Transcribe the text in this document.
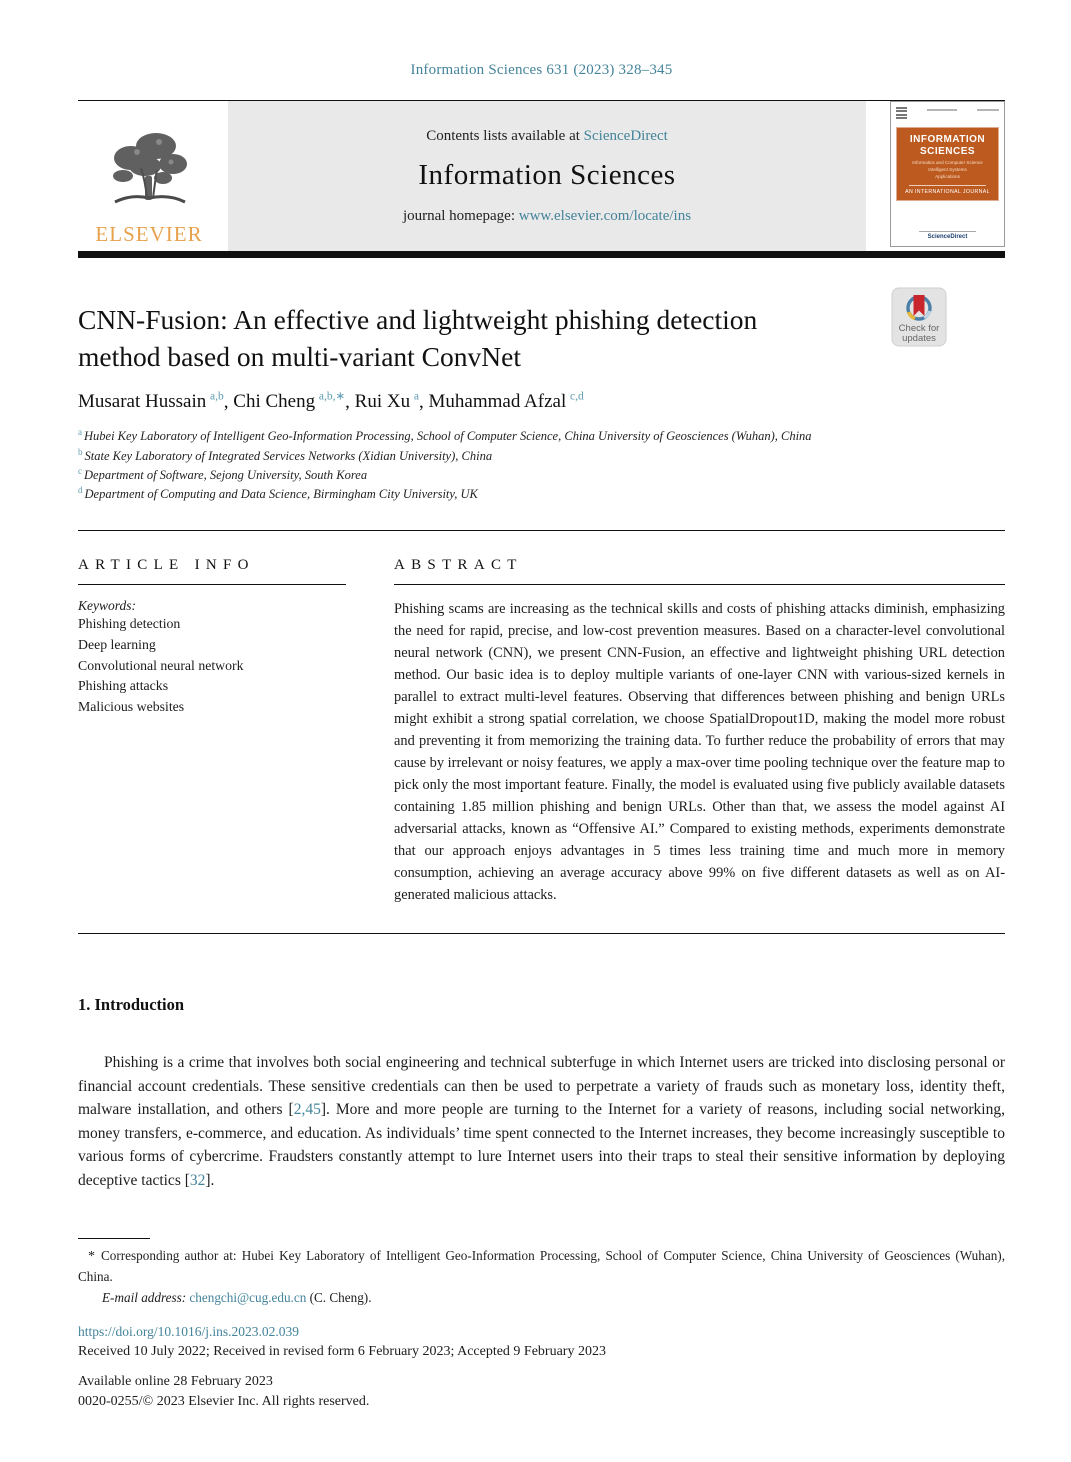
Information Sciences 631 (2023) 328–345
ELSEVIER
Contents lists available at ScienceDirect
Information Sciences
journal homepage: www.elsevier.com/locate/ins
INFORMATION
SCIENCES
Informatics and Computer Science
Intelligent Systems
Applications
AN INTERNATIONAL JOURNAL
ScienceDirect
Check for
updates
CNN-Fusion: An effective and lightweight phishing detection
method based on multi-variant ConvNet
Musarat Hussain  $^{a,b}$, Chi Cheng  $^{a,b,∗}$, Rui Xu  $^a$, Muhammad Afzal  $^{c,d}$
$^a$ Hubei Key Laboratory of Intelligent Geo-Information Processing, School of Computer Science, China University of Geosciences (Wuhan), China
$^b$ State Key Laboratory of Integrated Services Networks (Xidian University), China
$^c$ Department of Software, Sejong University, South Korea
$^d$ Department of Computing and Data Science, Birmingham City University, UK
ARTICLE INFO
Keywords:
Phishing detection
Deep learning
Convolutional neural network
Phishing attacks
Malicious websites
ABSTRACT
Phishing scams are increasing as the technical skills and costs of phishing attacks diminish, emphasizing the need for rapid, precise, and low-cost prevention measures. Based on a character-level convolutional neural network (CNN), we present CNN-Fusion, an effective and lightweight phishing URL detection method. Our basic idea is to deploy multiple variants of one-layer CNN with various-sized kernels in parallel to extract multi-level features. Observing that differences between phishing and benign URLs might exhibit a strong spatial correlation, we choose SpatialDropout1D, making the model more robust and preventing it from memorizing the training data. To further reduce the probability of errors that may cause by irrelevant or noisy features, we apply a max-over time pooling technique over the feature map to pick only the most important feature. Finally, the model is evaluated using five publicly available datasets containing 1.85 million phishing and benign URLs. Other than that, we assess the model against AI adversarial attacks, known as “Offensive AI.” Compared to existing methods, experiments demonstrate that our approach enjoys advantages in 5 times less training time and much more in memory consumption, achieving an average accuracy above 99% on five different datasets as well as on AI-generated malicious attacks.
1. Introduction
Phishing is a crime that involves both social engineering and technical subterfuge in which Internet users are tricked into disclosing personal or financial account credentials. These sensitive credentials can then be used to perpetrate a variety of frauds such as monetary loss, identity theft, malware installation, and others [2,45]. More and more people are turning to the Internet for a variety of reasons, including social networking, money transfers, e-commerce, and education. As individuals’ time spent connected to the Internet increases, they become increasingly susceptible to various forms of cybercrime. Fraudsters constantly attempt to lure Internet users into their traps to steal their sensitive information by deploying deceptive tactics [32].
* Corresponding author at: Hubei Key Laboratory of Intelligent Geo-Information Processing, School of Computer Science, China University of Geosciences (Wuhan), China.
E-mail address: chengchi@cug.edu.cn (C. Cheng).
https://doi.org/10.1016/j.ins.2023.02.039
Received 10 July 2022; Received in revised form 6 February 2023; Accepted 9 February 2023
Available online 28 February 2023
0020-0255/© 2023 Elsevier Inc. All rights reserved.
